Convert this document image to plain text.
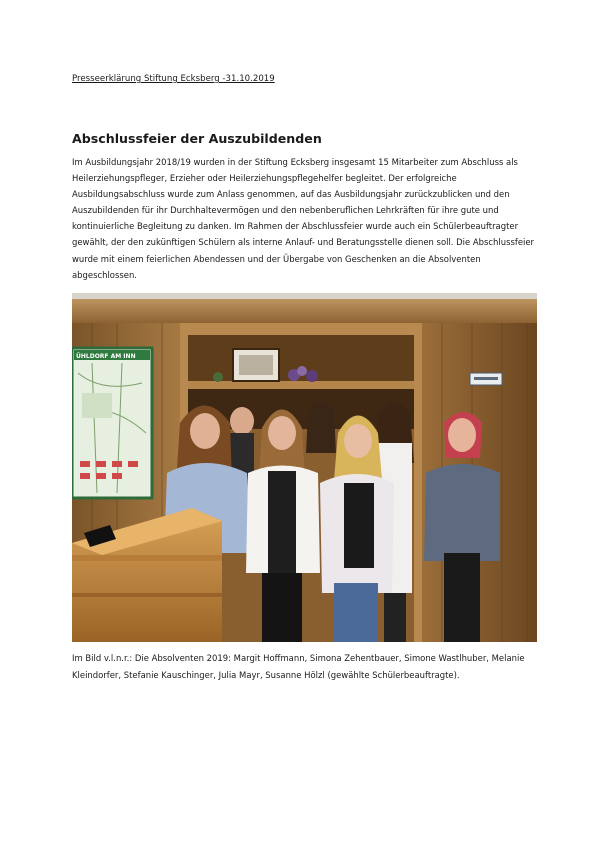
Presseerklärung Stiftung Ecksberg -31.10.2019
Abschlussfeier der Auszubildenden

Im Ausbildungsjahr 2018/19 wurden in der Stiftung Ecksberg insgesamt 15 Mitarbeiter zum Abschluss als Heilerziehungspfleger, Erzieher oder Heilerziehungspflegehelfer begleitet. Der erfolgreiche Ausbildungsabschluss wurde zum Anlass genommen, auf das Ausbildungsjahr zurückzublicken und den Auszubildenden für ihr Durchhaltevermögen und den nebenberuflichen Lehrkräften für ihre gute und kontinuierliche Begleitung zu danken. Im Rahmen der Abschlussfeier wurde auch ein Schülerbeauftragter gewählt, der den zukünftigen Schülern als interne Anlauf- und Beratungsstelle dienen soll. Die Abschlussfeier wurde mit einem feierlichen Abendessen und der Übergabe von Geschenken an die Absolventen abgeschlossen.

ÜHLDORF AM INN

Im Bild v.l.n.r.: Die Absolventen 2019: Margit Hoffmann, Simona Zehentbauer, Simone Wastlhuber, Melanie Kleindorfer, Stefanie Kauschinger, Julia Mayr, Susanne Hölzl (gewählte Schülerbeauftragte).
